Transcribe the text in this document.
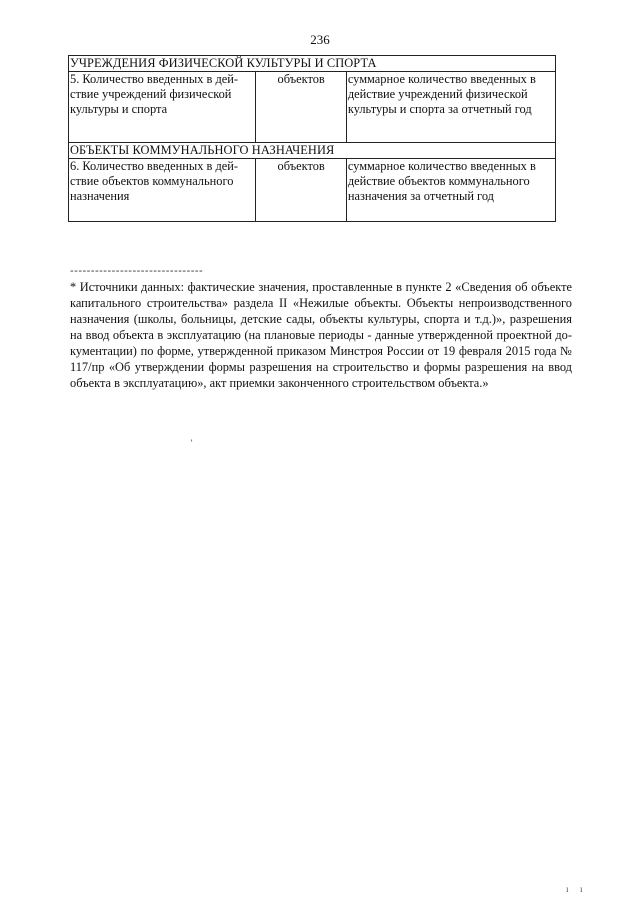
236
УЧРЕЖДЕНИЯ ФИЗИЧЕСКОЙ КУЛЬТУРЫ И СПОРТА		
5. Количество введенных в дей-ствие учреждений физической культуры и спорта	объектов	суммарное количество введенных в действие учреждений физической культуры и спорта за отчетный год
ОБЪЕКТЫ КОММУНАЛЬНОГО НАЗНАЧЕНИЯ		
6. Количество введенных в дей-ствие объектов коммунального назначения	объектов	суммарное количество введенных в действие объектов коммунального назначения за отчетный год
--------------------------------

* Источники данных: фактические значения, проставленные в пункте 2 «Сведения об объекте капитального строительства» раздела II «Нежилые объекты. Объекты непроизводственного назначения (школы, больницы, детские сады, объекты культуры, спорта и т.д.)», разрешения на ввод объекта в эксплуатацию (на плановые периоды - данные утвержденной проектной до-кументации) по форме, утвержденной приказом Минстроя России от 19 февраля 2015 года № 117/пр «Об утверждении формы разрешения на строительство и формы разрешения на ввод объекта в эксплуатацию», акт приемки законченного строительством объекта.»

ʼ
ı ı
